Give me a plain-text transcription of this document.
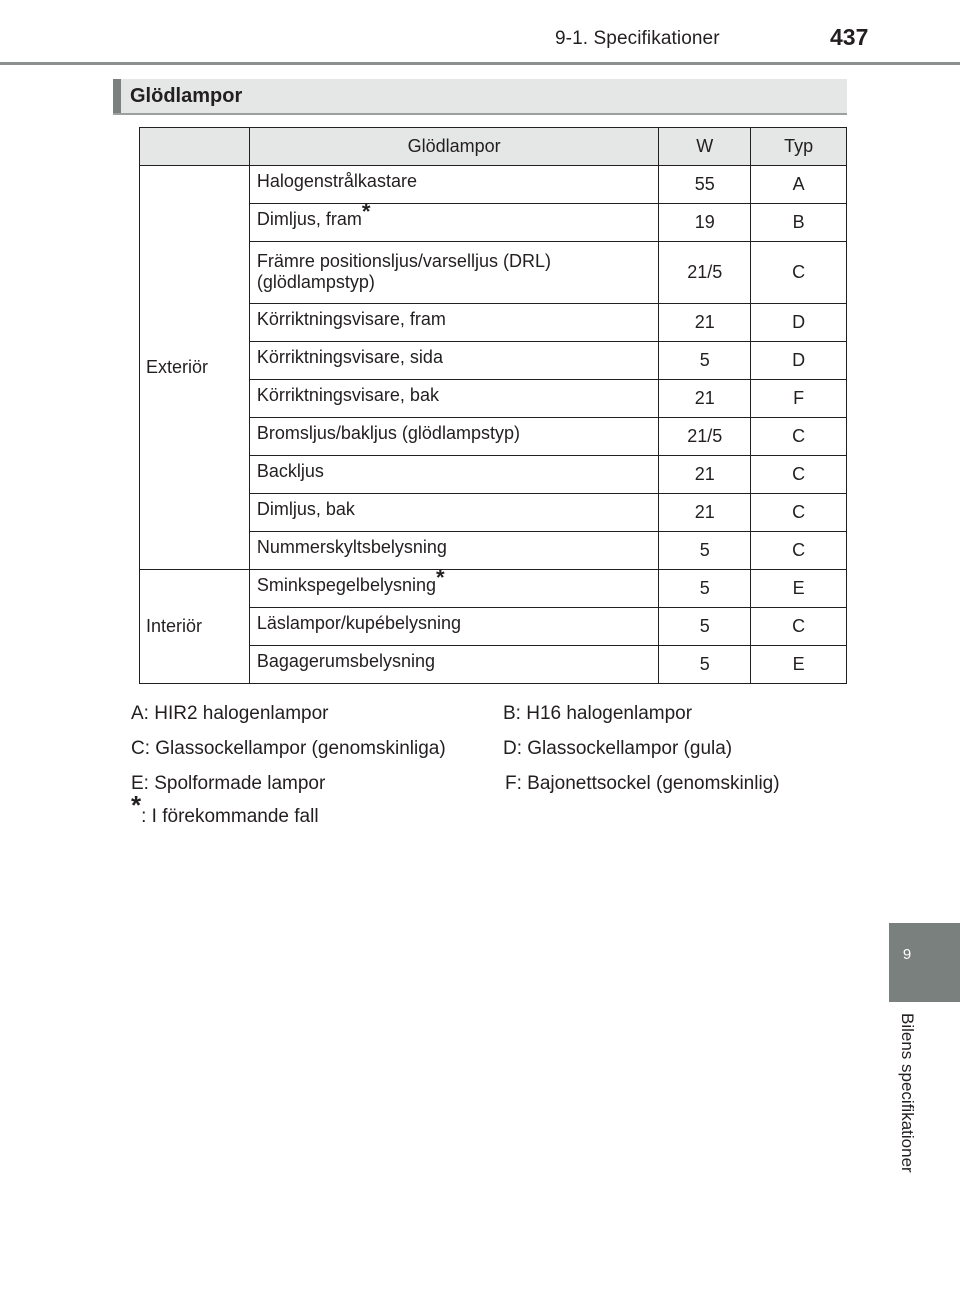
9-1. Specifikationer	437
9
Bilens specifikationer
Glödlampor
	Glödlampor	W	Typ
Exteriör	Halogenstrålkastare	55	A
	Dimljus, fram*	19	B
	Främre positionsljus/varselljus (DRL) (glödlampstyp)	21/5	C
	Körriktningsvisare, fram	21	D
	Körriktningsvisare, sida	5	D
	Körriktningsvisare, bak	21	F
	Bromsljus/bakljus (glödlampstyp)	21/5	C
	Backljus	21	C
	Dimljus, bak	21	C
	Nummerskyltsbelysning	5	C
Interiör	Sminkspegelbelysning*	5	E
	Läslampor/kupébelysning	5	C
	Bagagerumsbelysning	5	E
A: HIR2 halogenlampor	B: H16 halogenlampor
C: Glassockellampor (genomskinliga)	D: Glassockellampor (gula)
E: Spolformade lampor	F: Bajonettsockel (genomskinlig)
*: I förekommande fall
